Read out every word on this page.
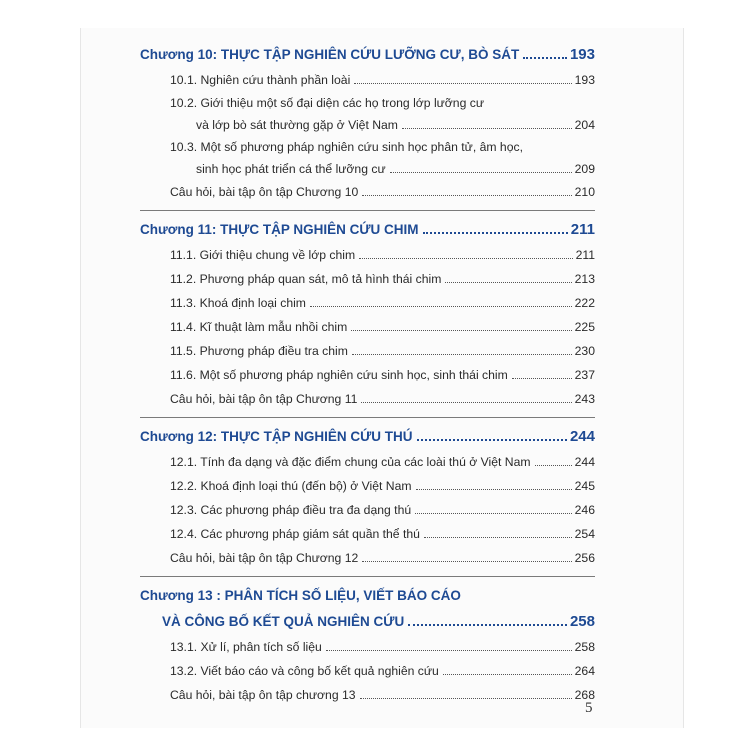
Chương 10: THỰC TẬP NGHIÊN CỨU LƯỠNG CƯ, BÒ SÁT	193
10.1. Nghiên cứu thành phần loài	193
10.2. Giới thiệu một số đại diện các họ trong lớp lưỡng cư
và lớp bò sát thường gặp ở Việt Nam	204
10.3. Một số phương pháp nghiên cứu sinh học phân tử, âm học,
sinh học phát triển cá thể lưỡng cư	209
Câu hỏi, bài tập ôn tập Chương 10	210
Chương 11: THỰC TẬP NGHIÊN CỨU CHIM	211
11.1. Giới thiệu chung về lớp chim	211
11.2. Phương pháp quan sát, mô tả hình thái chim	213
11.3. Khoá định loại chim	222
11.4. Kĩ thuật làm mẫu nhồi chim	225
11.5. Phương pháp điều tra chim	230
11.6. Một số phương pháp nghiên cứu sinh học, sinh thái chim	237
Câu hỏi, bài tập ôn tập Chương 11	243
Chương 12: THỰC TẬP NGHIÊN CỨU THÚ	244
12.1. Tính đa dạng và đặc điểm chung của các loài thú ở Việt Nam	244
12.2. Khoá định loại thú (đến bộ) ở Việt Nam	245
12.3. Các phương pháp điều tra đa dạng thú	246
12.4. Các phương pháp giám sát quần thể thú	254
Câu hỏi, bài tập ôn tập Chương 12	256
Chương 13 : PHÂN TÍCH SỐ LIỆU, VIẾT BÁO CÁO
VÀ CÔNG BỐ KẾT QUẢ NGHIÊN CỨU	258
13.1. Xử lí, phân tích số liệu	258
13.2. Viết báo cáo và công bố kết quả nghiên cứu	264
Câu hỏi, bài tập ôn tập chương 13	268
5
